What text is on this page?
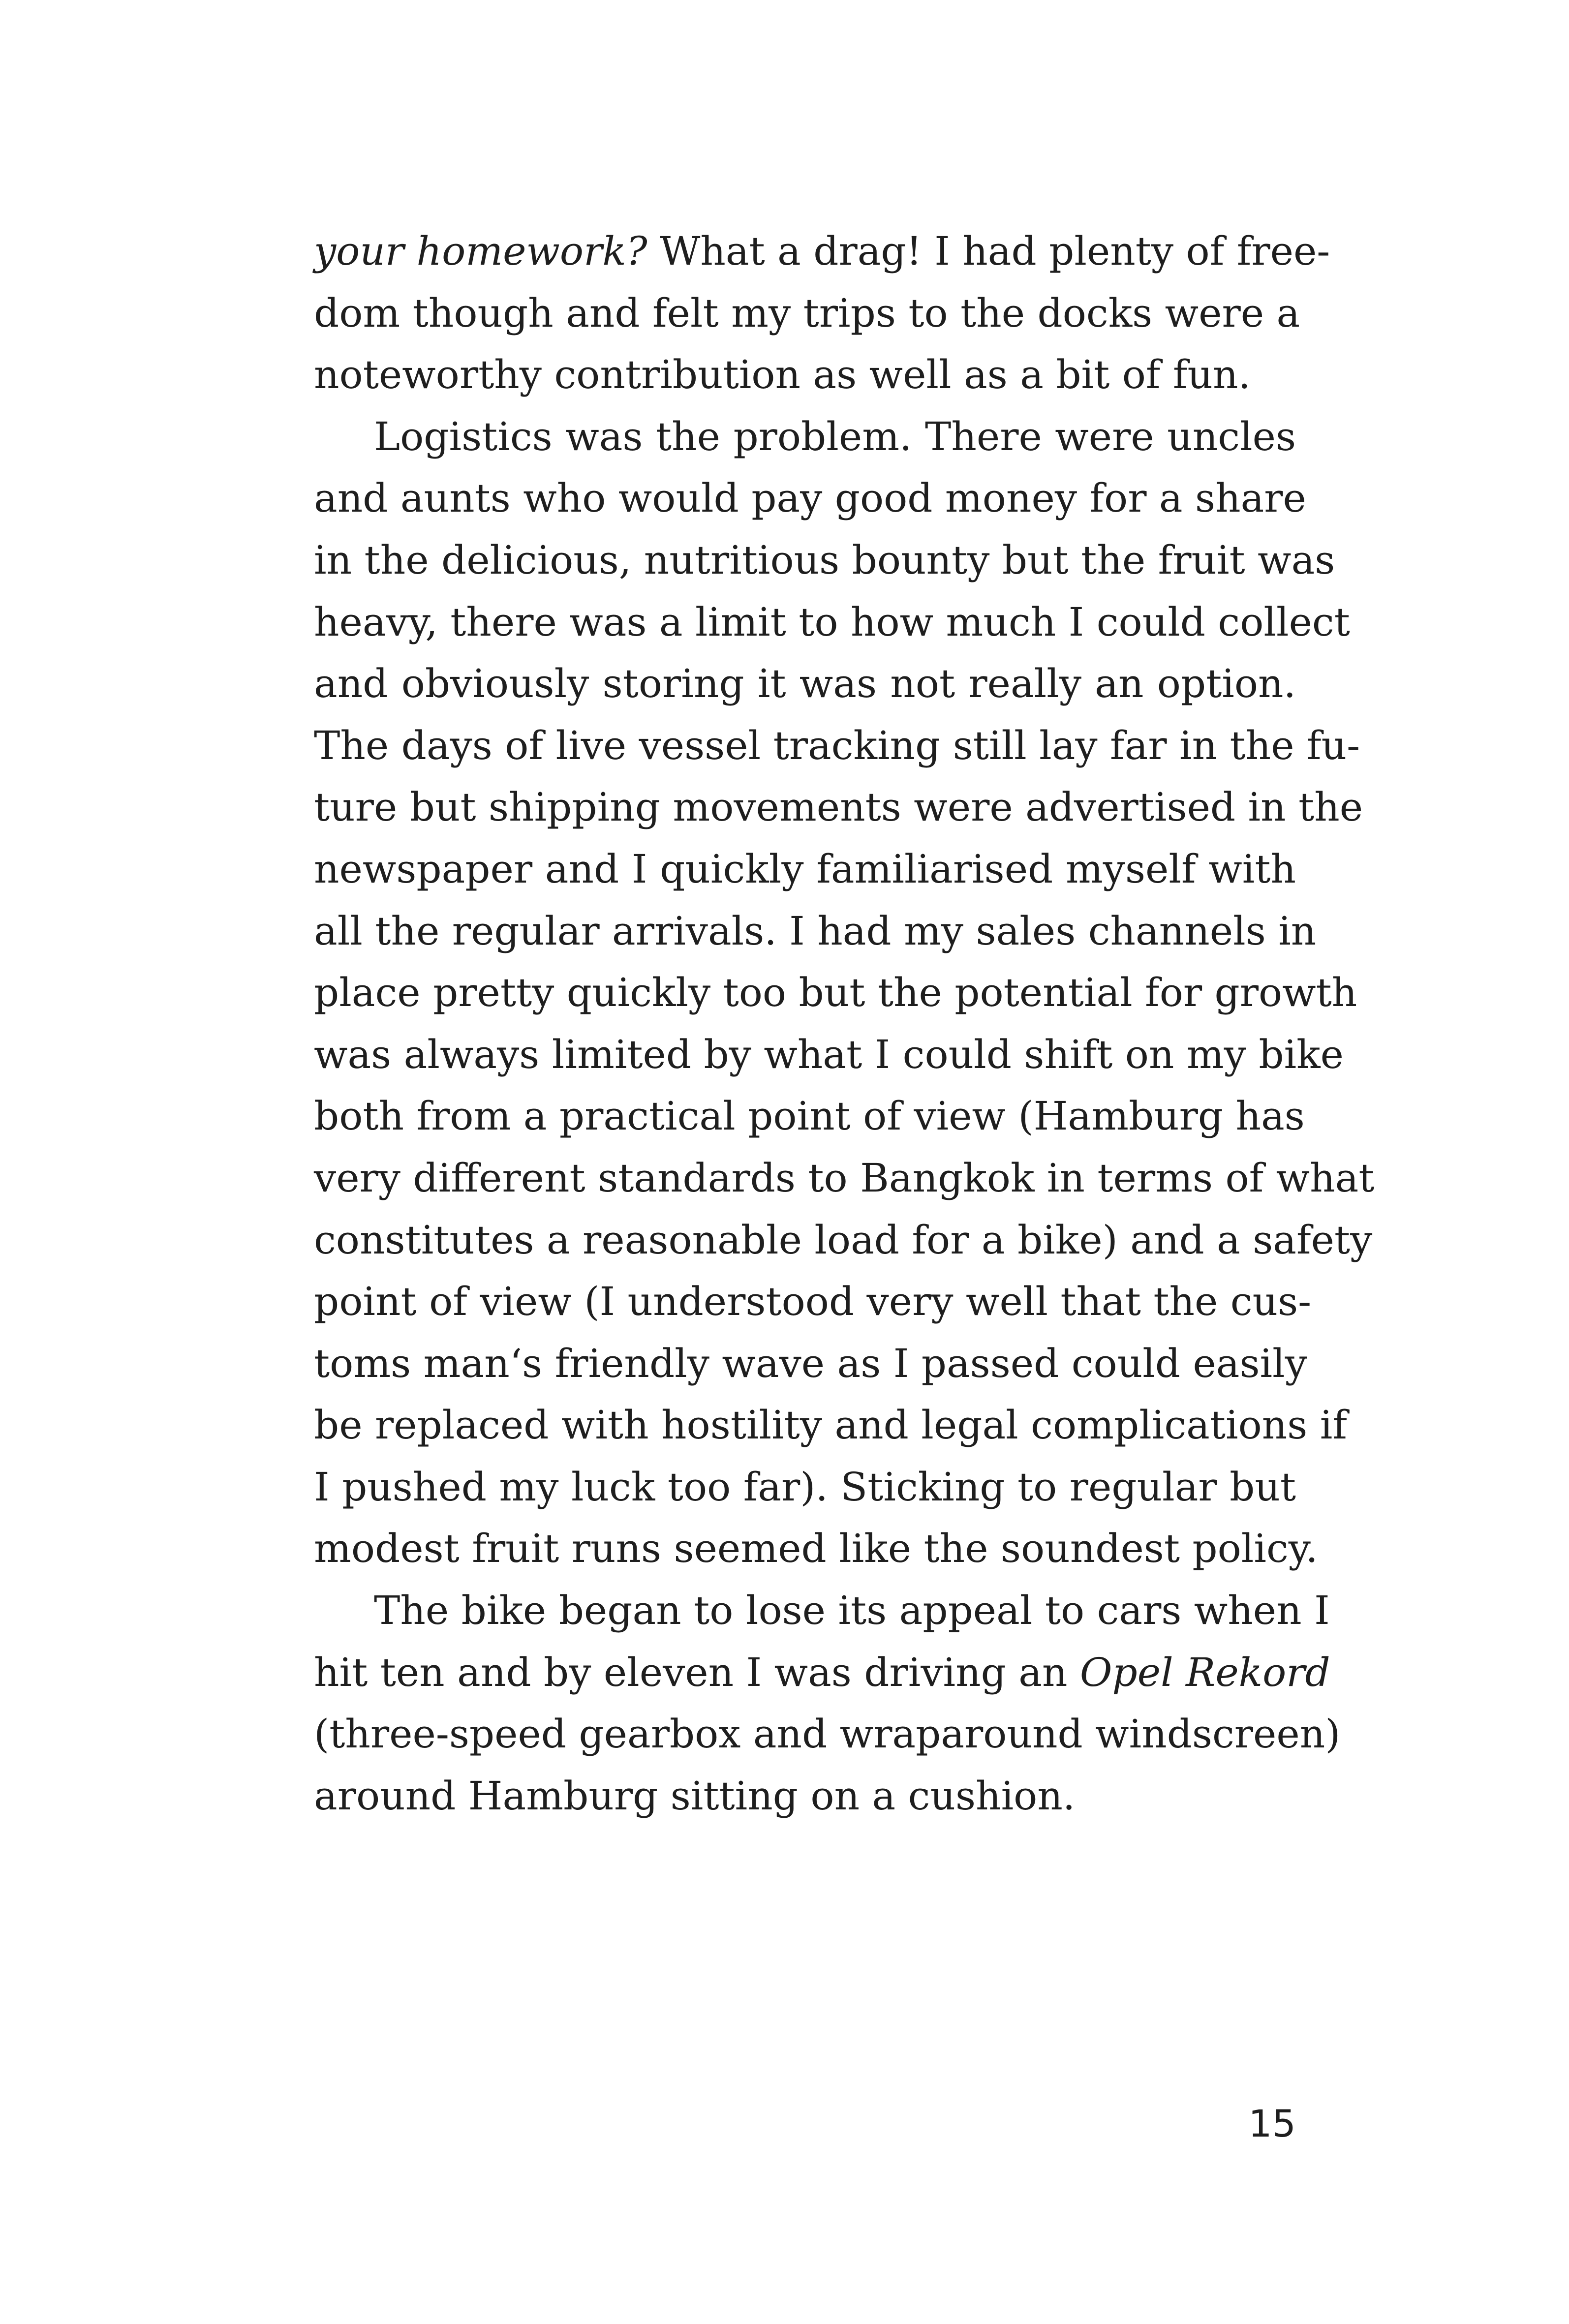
your homework? What a drag! I had plenty of free-
dom though and felt my trips to the docks were a
noteworthy contribution as well as a bit of fun.
Logistics was the problem. There were uncles
and aunts who would pay good money for a share
in the delicious, nutritious bounty but the fruit was
heavy, there was a limit to how much I could collect
and obviously storing it was not really an option.
The days of live vessel tracking still lay far in the fu-
ture but shipping movements were advertised in the
newspaper and I quickly familiarised myself with
all the regular arrivals. I had my sales channels in
place pretty quickly too but the potential for growth
was always limited by what I could shift on my bike
both from a practical point of view (Hamburg has
very different standards to Bangkok in terms of what
constitutes a reasonable load for a bike) and a safety
point of view (I understood very well that the cus-
toms man‘s friendly wave as I passed could easily
be replaced with hostility and legal complications if
I pushed my luck too far). Sticking to regular but
modest fruit runs seemed like the soundest policy.
The bike began to lose its appeal to cars when I
hit ten and by eleven I was driving an Opel Rekord
(three-speed gearbox and wraparound windscreen)
around Hamburg sitting on a cushion.
15
